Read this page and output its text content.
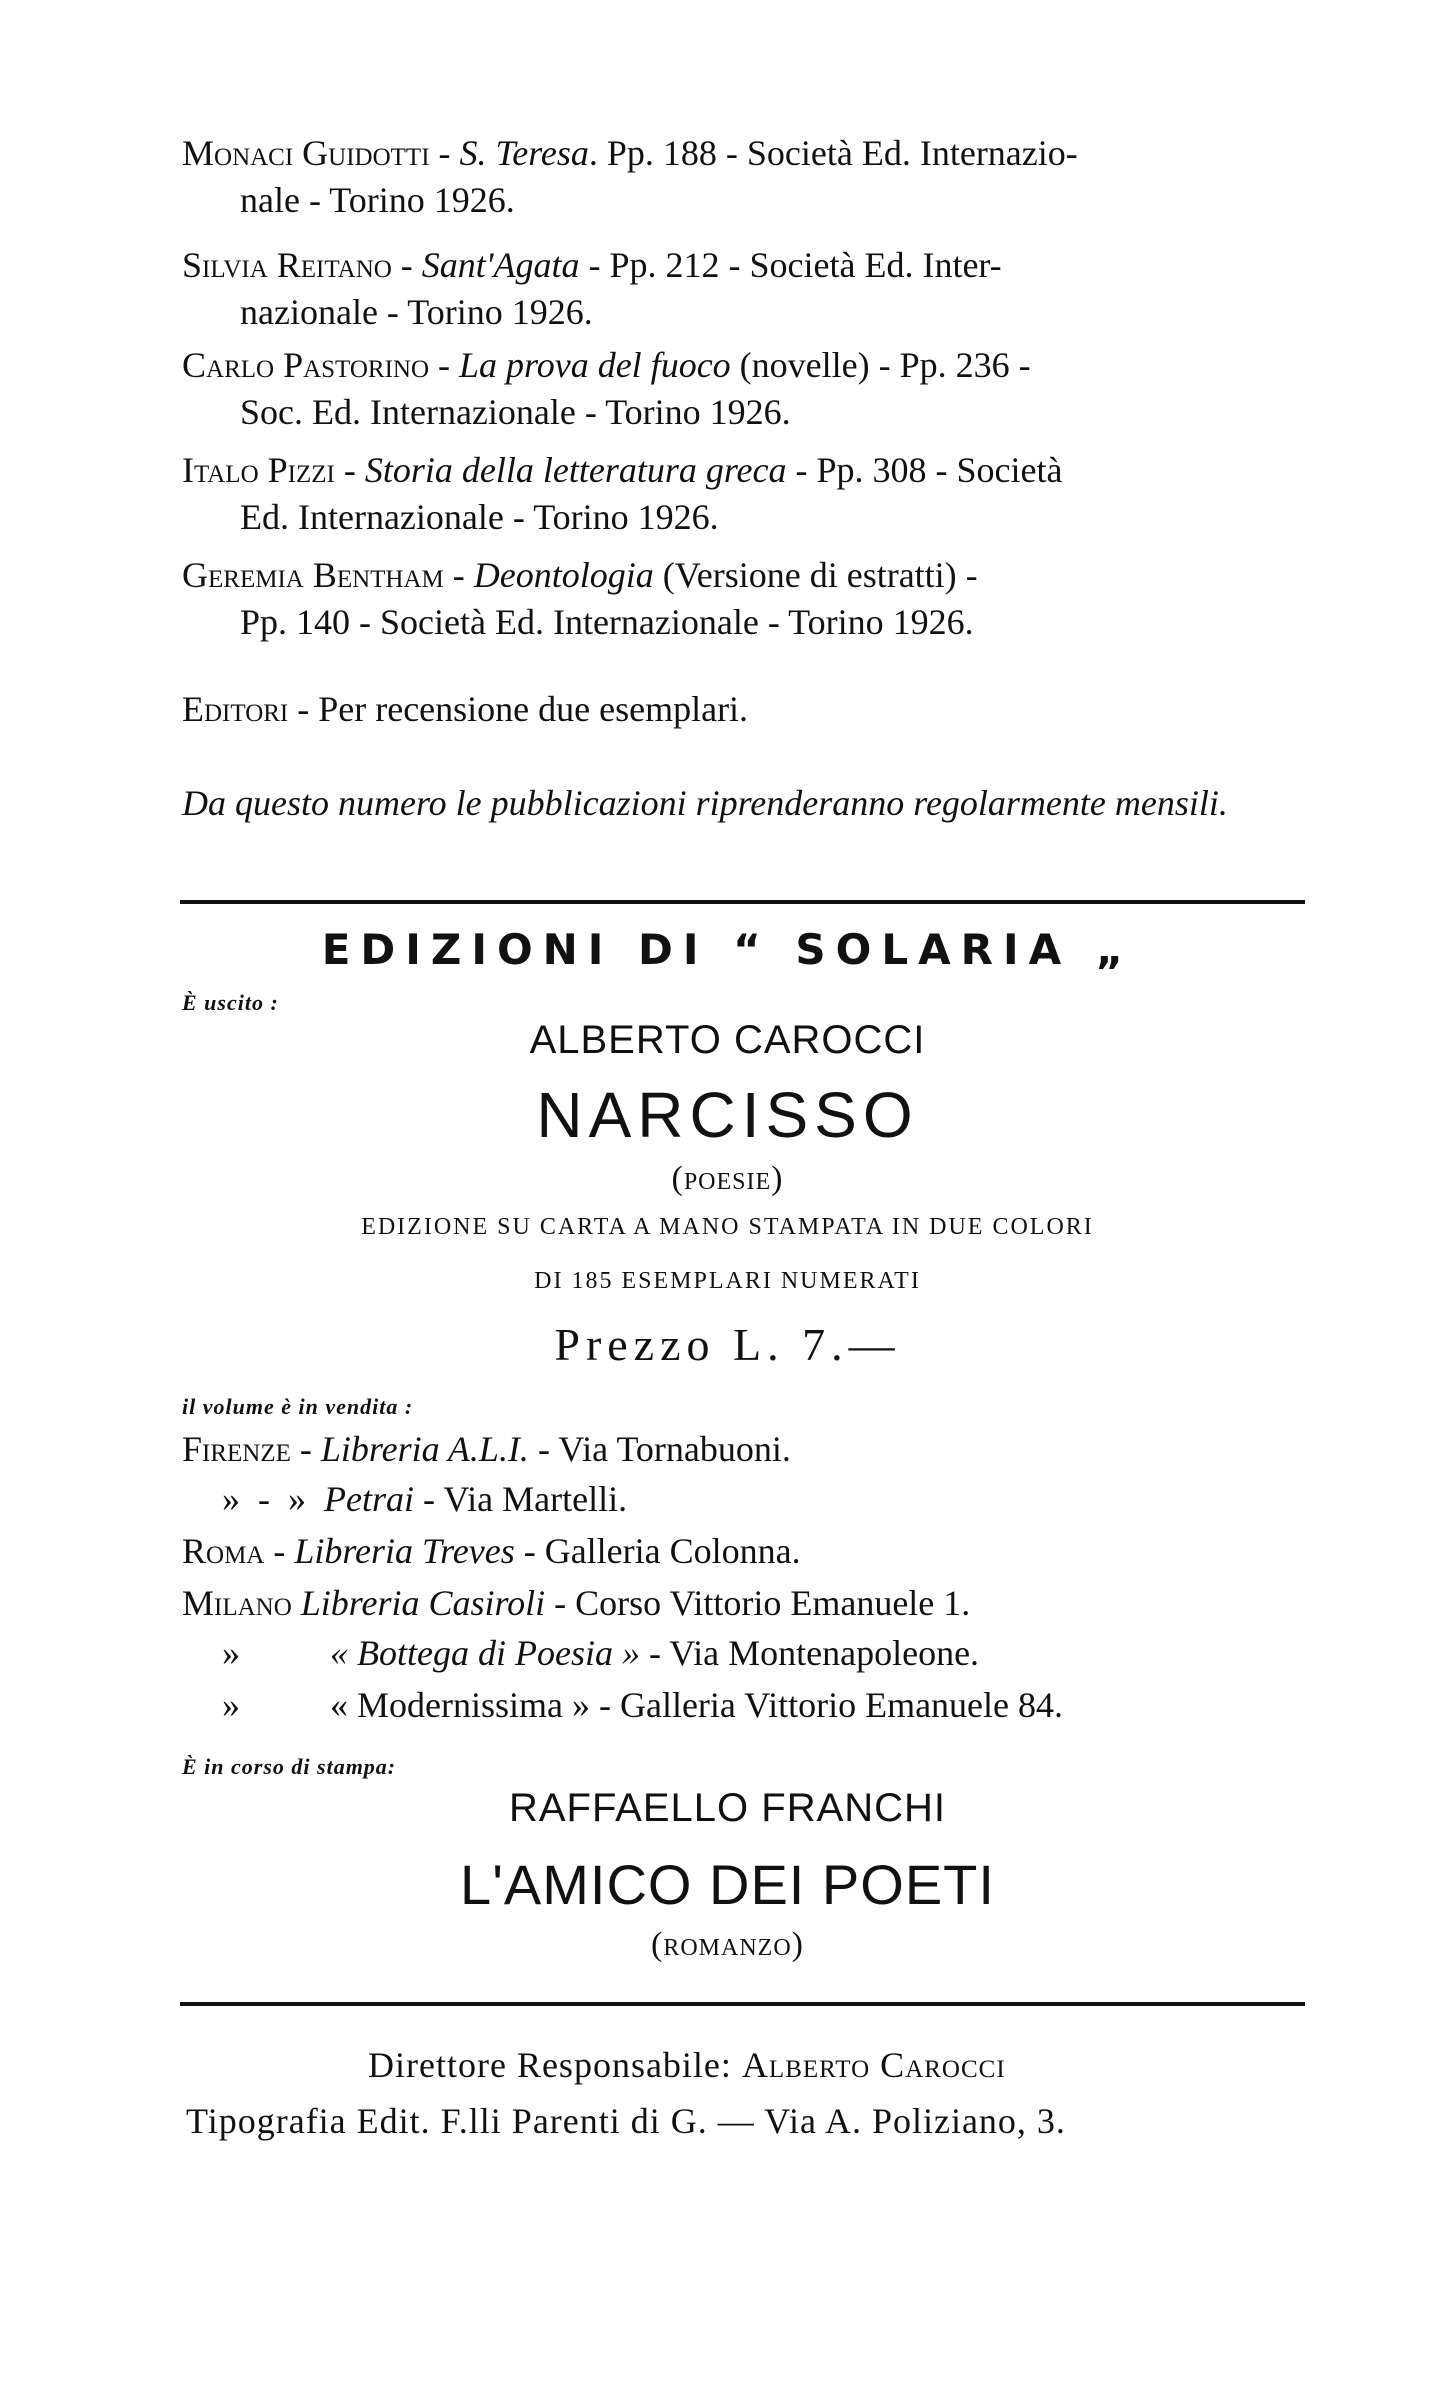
Monaci Guidotti - S. Teresa. Pp. 188 - Società Ed. Internazio-
nale - Torino 1926.
Silvia Reitano - Sant'Agata - Pp. 212 - Società Ed. Inter-
nazionale - Torino 1926.
Carlo Pastorino - La prova del fuoco (novelle) - Pp. 236 -
Soc. Ed. Internazionale - Torino 1926.
Italo Pizzi - Storia della letteratura greca - Pp. 308 - Società
Ed. Internazionale - Torino 1926.
Geremia Bentham - Deontologia (Versione di estratti) -
Pp. 140 - Società Ed. Internazionale - Torino 1926.
Editori - Per recensione due esemplari.
Da questo numero le pubblicazioni riprenderanno regolarmente mensili.
EDIZIONI DI “ SOLARIA „
È uscito :
ALBERTO CAROCCI
NARCISSO
(poesie)
EDIZIONE SU CARTA A MANO STAMPATA IN DUE COLORI
DI 185 ESEMPLARI NUMERATI
Prezzo L. 7.—
il volume è in vendita :
Firenze - Libreria A.L.I. - Via Tornabuoni.
»  -  »  Petrai - Via Martelli.
Roma - Libreria Treves - Galleria Colonna.
Milano Libreria Casiroli - Corso Vittorio Emanuele 1.
»	« Bottega di Poesia » - Via Montenapoleone.
»	« Modernissima » - Galleria Vittorio Emanuele 84.
È in corso di stampa:
RAFFAELLO FRANCHI
L'AMICO DEI POETI
(romanzo)
Direttore Responsabile: Alberto Carocci
Tipografia Edit. F.lli Parenti di G. — Via A. Poliziano, 3.
